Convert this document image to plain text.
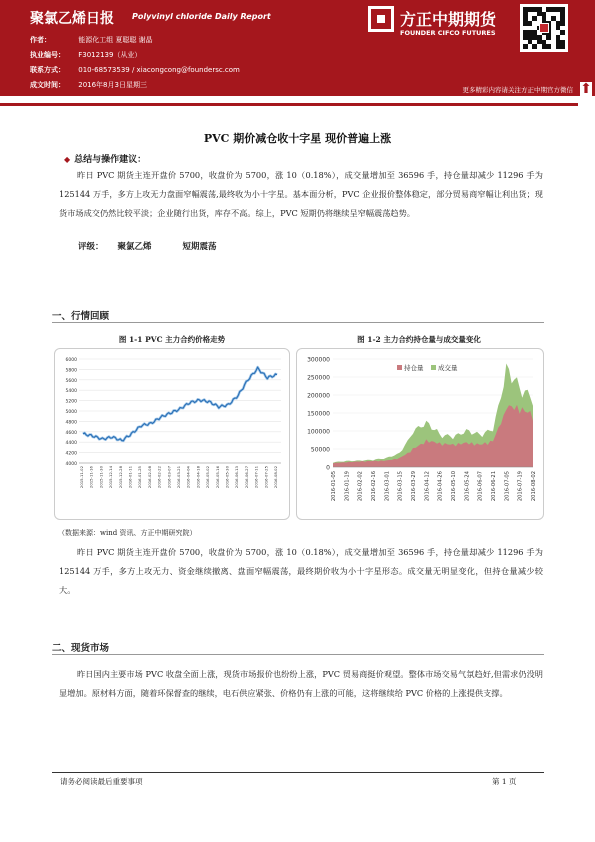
聚氯乙烯日报 Polyvinyl chloride Daily Report
作者：	能源化工组 夏聪聪 谢晶
执业编号： F3012139（从业）
联系方式： 010-68573539 / xiacongcong@foundersc.com
成文时间： 2016年8月3日星期三
方正中期期货
FOUNDER CIFCO FUTURES
更多精彩内容请关注方正中期官方微信 ⬆
PVC 期价减仓收十字星 现价普遍上涨
◆ 总结与操作建议：
昨日 PVC 期货主连开盘价 5700，收盘价为 5700，涨 10（0.18%），成交量增加至 36596 手，持仓量却减少 11296 手为 125144 万手，多方上攻无力盘面窄幅震荡,最终收为小十字星。基本面分析，PVC 企业报价整体稳定，部分贸易商窄幅让利出货；现货市场成交仍然比较平淡；企业随行出货，库存不高。综上，PVC 短期仍将继续呈窄幅震荡趋势。
评级： 聚氯乙烯	短期震荡
一、行情回顾
图 1-1 PVC 主力合约价格走势	图 1-2 主力合约持仓量与成交量变化
4000
4200
4400
4600
4800
5000
5200
5400
5600
5800
6000
2015-11-02 2015-11-16 2015-11-30 2015-12-14 2015-12-28 2016-01-11 2016-01-25 2016-02-08 2016-02-22 2016-03-07 2016-03-21 2016-04-04 2016-04-18 2016-05-02 2016-05-16 2016-05-30 2016-06-13 2016-06-27 2016-07-11 2016-07-25 2016-08-02	0
50000
100000
150000
200000
250000
300000
2016-01-05 2016-01-19 2016-02-02 2016-02-16 2016-03-01 2016-03-15 2016-03-29 2016-04-12 2016-04-26 2016-05-10 2016-05-24 2016-06-07 2016-06-21 2016-07-05 2016-07-19 2016-08-02
持仓量 成交量
（数据来源：wind 资讯、方正中期研究院）
昨日 PVC 期货主连开盘价 5700，收盘价为 5700，涨 10（0.18%），成交量增加至 36596 手，持仓量却减少 11296 手为 125144 万手，多方上攻无力、资金继续撤离、盘面窄幅震荡，最终期价收为小十字星形态。成交量无明显变化，但持仓量减少较大。
二、现货市场
昨日国内主要市场 PVC 收盘全面上涨，现货市场报价也纷纷上涨，PVC 贸易商挺价观望。整体市场交易气氛趋好,但需求仍没明显增加。原材料方面，随着环保督查的继续，电石供应紧张、价格仍有上涨的可能，这将继续给 PVC 价格的上涨提供支撑。
请务必阅读最后重要事项	第 1 页
